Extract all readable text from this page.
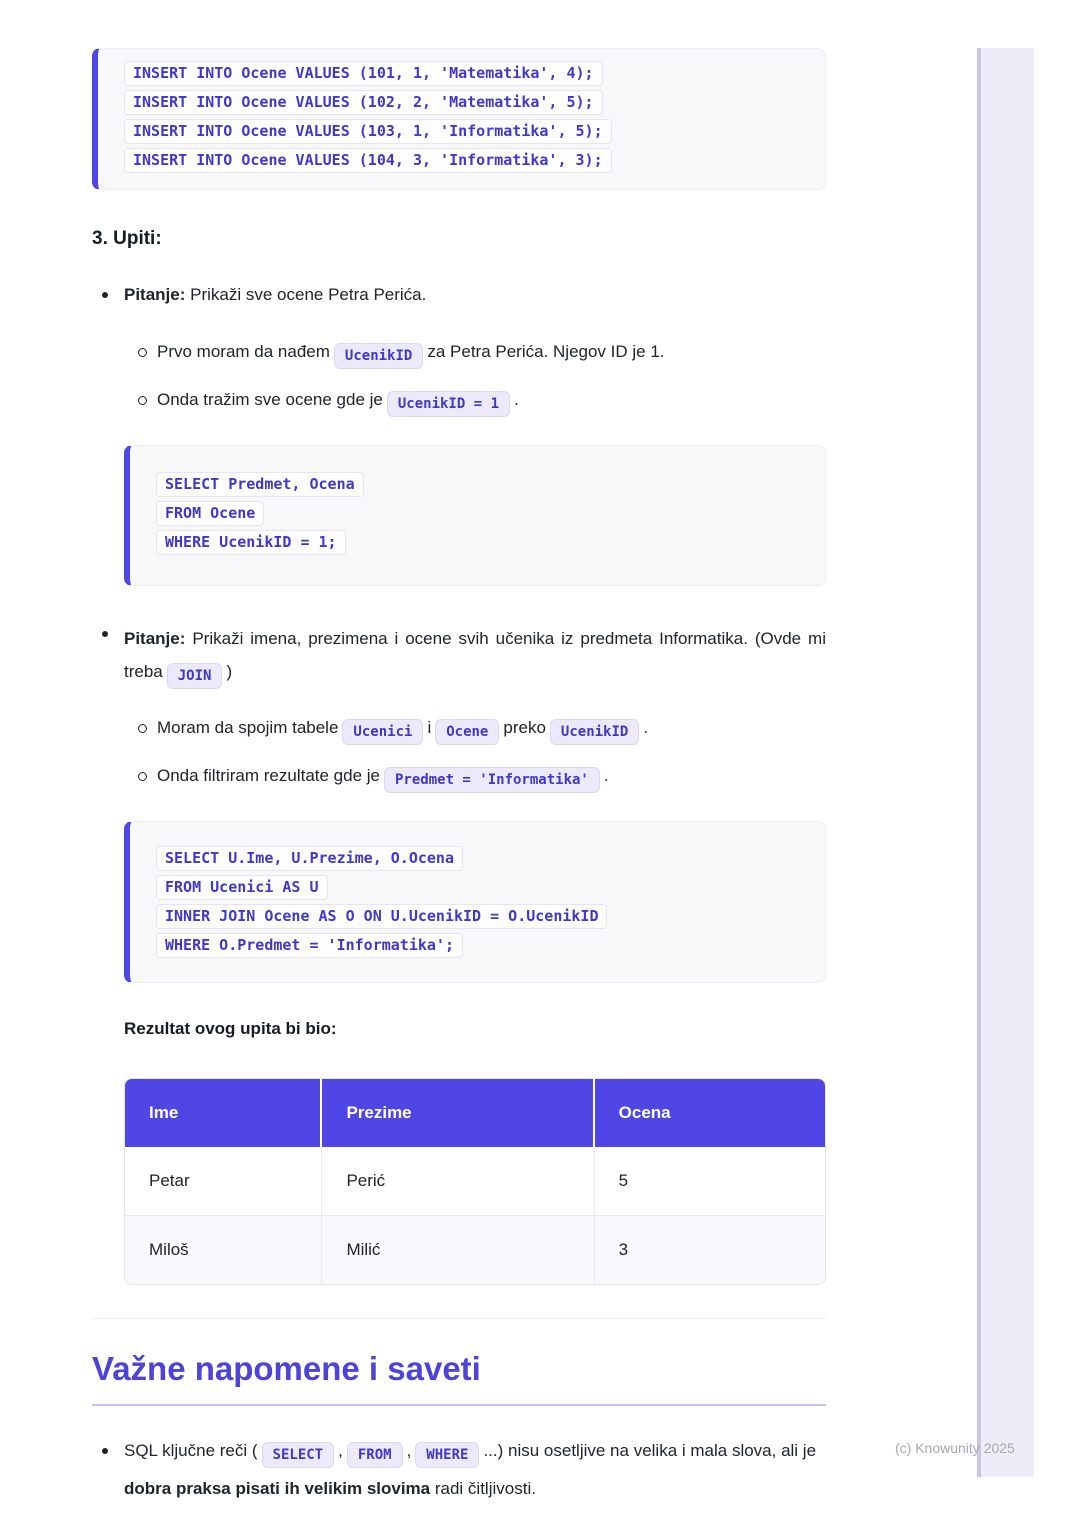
INSERT INTO Ocene VALUES (101, 1, 'Matematika', 4);
INSERT INTO Ocene VALUES (102, 2, 'Matematika', 5);
INSERT INTO Ocene VALUES (103, 1, 'Informatika', 5);
INSERT INTO Ocene VALUES (104, 3, 'Informatika', 3);
3. Upiti:
Pitanje: Prikaži sve ocene Petra Perića.
Prvo moram da nađem UcenikID za Petra Perića. Njegov ID je 1.
Onda tražim sve ocene gde je UcenikID = 1 .
SELECT Predmet, Ocena
FROM Ocene
WHERE UcenikID = 1;
Pitanje: Prikaži imena, prezimena i ocene svih učenika iz predmeta Informatika. (Ovde mi treba JOIN )
Moram da spojim tabele Ucenici i Ocene preko UcenikID .
Onda filtriram rezultate gde je Predmet = 'Informatika' .
SELECT U.Ime, U.Prezime, O.Ocena
FROM Ucenici AS U
INNER JOIN Ocene AS O ON U.UcenikID = O.UcenikID
WHERE O.Predmet = 'Informatika';

Rezultat ovog upita bi bio:

Ime	Prezime	Ocena
Petar	Perić	5
Miloš	Milić	3
Važne napomene i saveti
SQL ključne reči ( SELECT , FROM , WHERE ...) nisu osetljive na velika i mala slova, ali je dobra praksa pisati ih velikim slovima radi čitljivosti.
(c) Knowunity 2025
